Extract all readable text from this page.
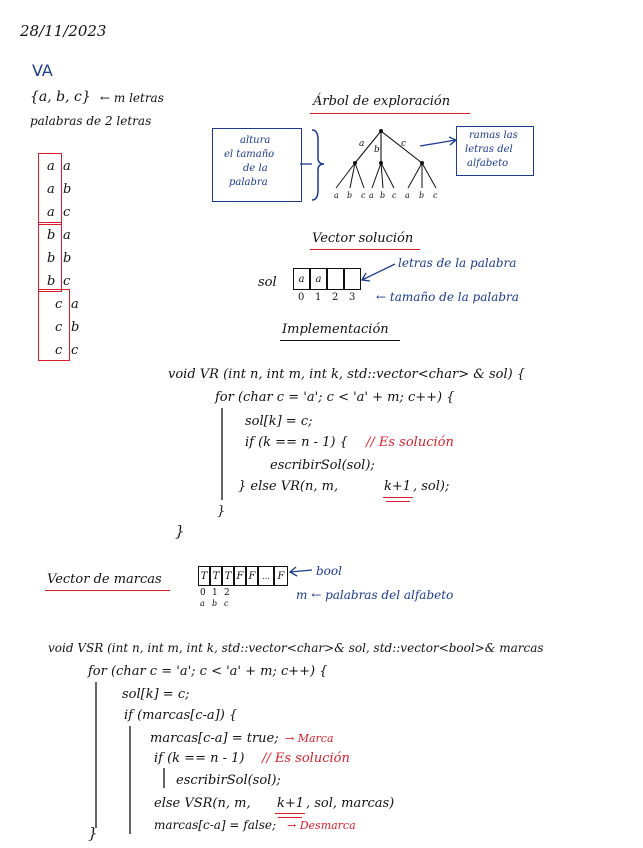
28/11/2023
VA
{a, b, c} ← m letras
palabras de 2 letras
a a
a b
a c
b a
b b
b c
c a
c b
c c
Árbol de exploración
altura
el tamaño
de la
palabra
ramas las
letras del
alfabeto
a
b
c
a b c a b c a b c
Vector solución
sol	a	a
0 1 2 3
letras de la palabra
← tamaño de la palabra
Implementación
void VR (int n, int m, int k, std::vector<char> & sol) {
for (char c = 'a'; c < 'a' + m; c++) {
sol[k] = c;
if (k == n - 1) { // Es solución
escribirSol(sol);
} else VR(n, m,	k+1 , sol);
}
}
Vector de marcas	T T T F F ... F
0 1 2
a b c
bool
m ← palabras del alfabeto
void VSR (int n, int m, int k, std::vector<char>& sol, std::vector<bool>& marcas
for (char c = 'a'; c < 'a' + m; c++) {
sol[k] = c;
if (marcas[c-a]) {
marcas[c-a] = true; → Marca
if (k == n - 1) // Es solución
escribirSol(sol);
else VSR(n, m, k+1 , sol, marcas)
marcas[c-a] = false; → Desmarca
}
